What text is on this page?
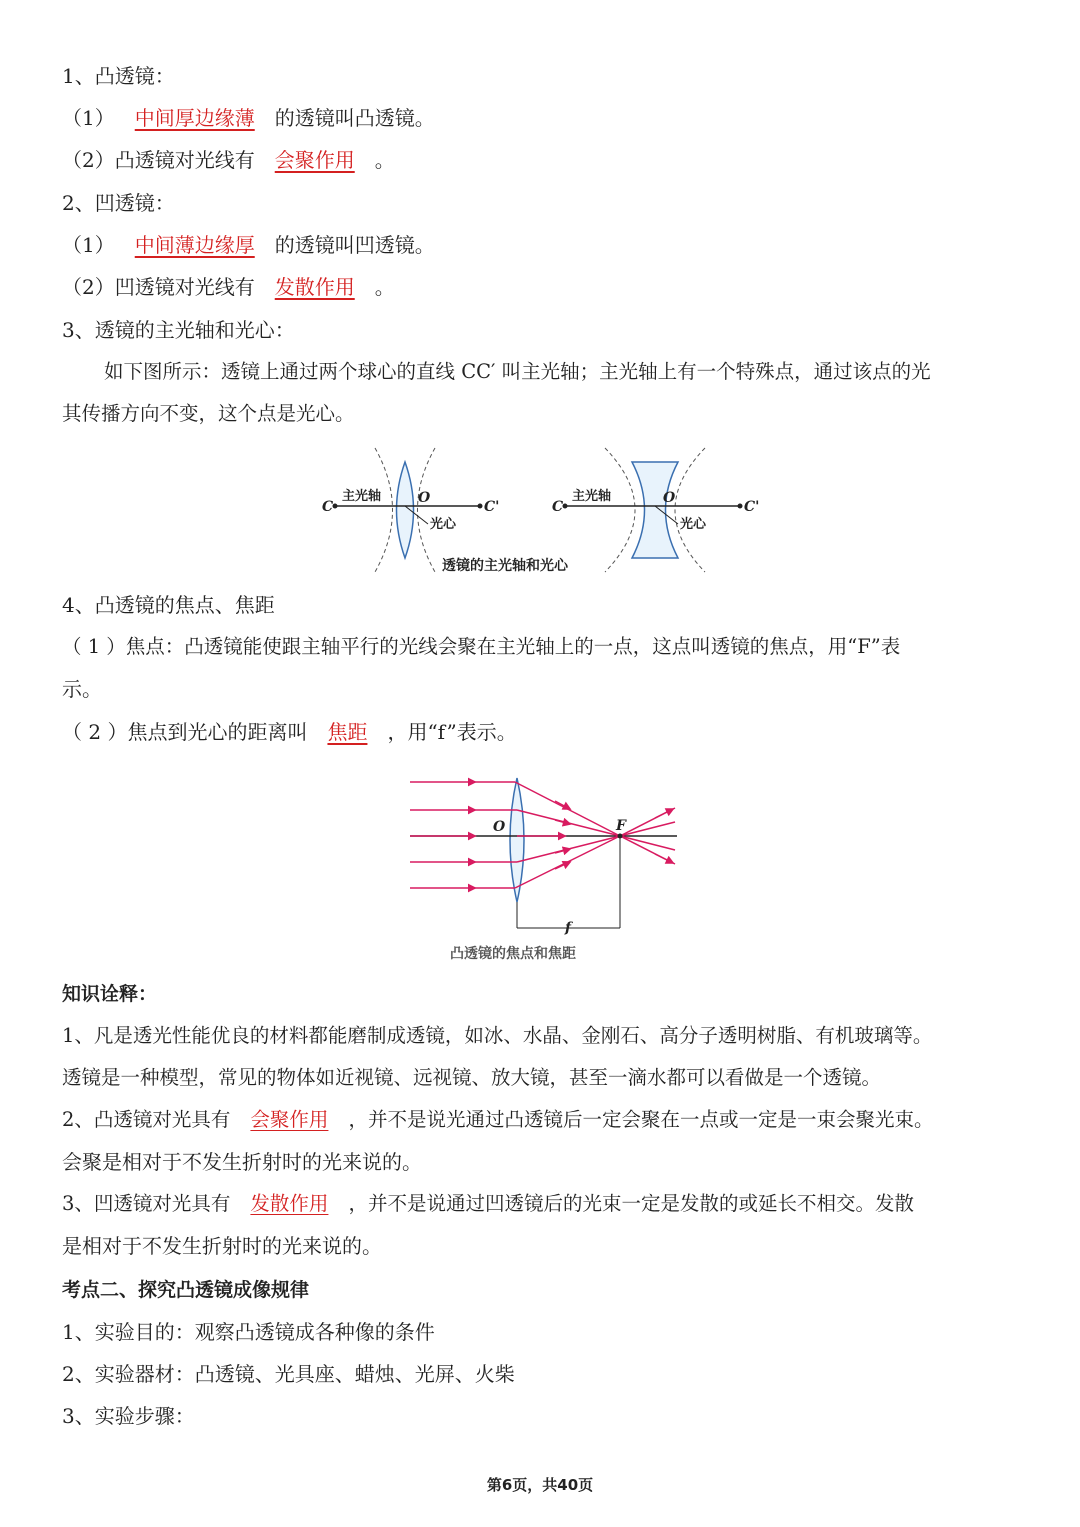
1、凸透镜：
（1） 中间厚边缘薄 的透镜叫凸透镜。
（2）凸透镜对光线有 会聚作用 。
2、凹透镜：
（1） 中间薄边缘厚 的透镜叫凹透镜。
（2）凹透镜对光线有 发散作用 。
3、透镜的主光轴和光心：
如下图所示：透镜上通过两个球心的直线 CC′ 叫主光轴；主光轴上有一个特殊点，通过该点的光
其传播方向不变，这个点是光心。
C	C'
主光轴	O
光心
C	C'
主光轴	O
光心
透镜的主光轴和光心
4、凸透镜的焦点、焦距
（ 1 ）焦点：凸透镜能使跟主轴平行的光线会聚在主光轴上的一点，这点叫透镜的焦点，用“F”表
示。
（ 2 ）焦点到光心的距离叫 焦距 ，用“f”表示。
O	F
f
凸透镜的焦点和焦距
知识诠释：
1、凡是透光性能优良的材料都能磨制成透镜，如冰、水晶、金刚石、高分子透明树脂、有机玻璃等。
透镜是一种模型，常见的物体如近视镜、远视镜、放大镜，甚至一滴水都可以看做是一个透镜。
2、凸透镜对光具有 会聚作用 ，并不是说光通过凸透镜后一定会聚在一点或一定是一束会聚光束。
会聚是相对于不发生折射时的光来说的。
3、凹透镜对光具有 发散作用 ，并不是说通过凹透镜后的光束一定是发散的或延长不相交。发散
是相对于不发生折射时的光来说的。
考点二、探究凸透镜成像规律
1、实验目的：观察凸透镜成各种像的条件
2、实验器材：凸透镜、光具座、蜡烛、光屏、火柴
3、实验步骤：
第6页，共40页
